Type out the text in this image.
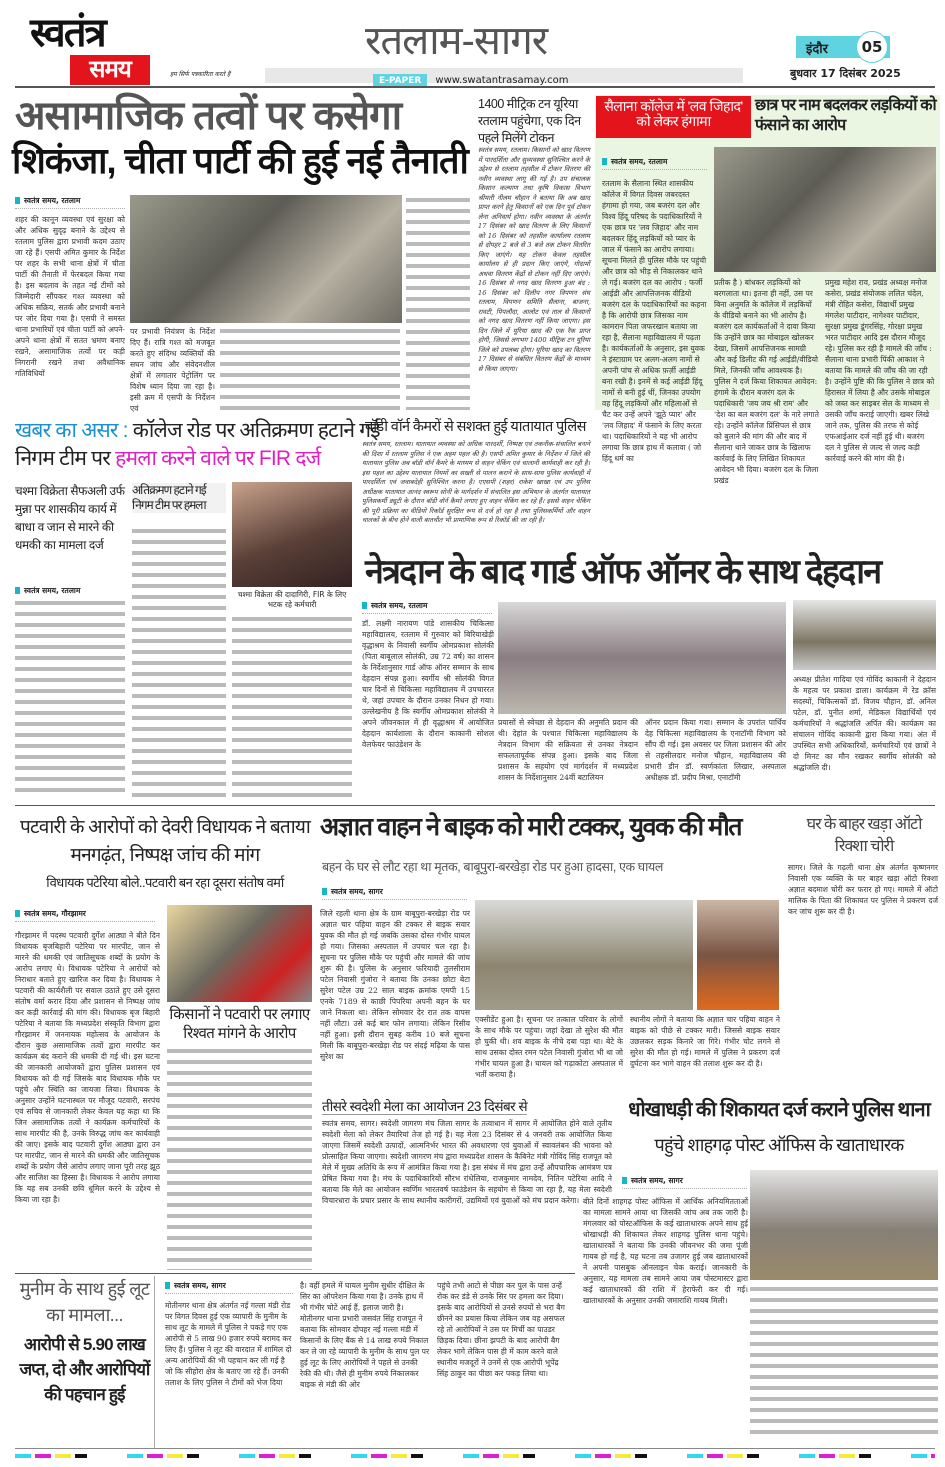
स्वतंत्र
समय	हम सिर्फ पत्रकारिता करते हैं
रतलाम-सागर
E-PAPER www.swatantrasamay.com
इंदौर	05
बुधवार 17 दिसंबर 2025
असामाजिक तत्वों पर कसेगा
शिकंजा, चीता पार्टी की हुई नई तैनाती
स्वतंत्र समय, रतलाम
शहर की कानून व्यवस्था एवं सुरक्षा को और अधिक सुदृढ़ बनाने के उद्देश्य से रतलाम पुलिस द्वारा प्रभावी कदम उठाए जा रहे हैं। एसपी अमित कुमार के निर्देश पर शहर के सभी थाना क्षेत्रों में चीता पार्टी की तैनाती में फेरबदल किया गया है। इस बदलाव के तहत नई टीमों को जिम्मेदारी सौंपकर गश्त व्यवस्था को अधिक सक्रिय, सतर्क और प्रभावी बनाने पर जोर दिया गया है। एसपी ने समस्त थाना प्रभारियों एवं चीता पार्टी को अपने-अपने थाना क्षेत्रों में सतत भ्रमण बनाए रखने, असामाजिक तत्वों पर कड़ी निगरानी रखने तथा अवैधानिक गतिविधियों
पर प्रभावी नियंत्रण के निर्देश दिए हैं। रात्रि गश्त को मजबूत करते हुए संदिग्ध व्यक्तियों की सघन जांच और संवेदनशील क्षेत्रों में लगातार पेट्रोलिंग पर विशेष ध्यान दिया जा रहा है। इसी क्रम में एसपी के निर्देशन एवं
1400 मीट्रिक टन यूरिया रतलाम पहुंचेगा, एक दिन पहले मिलेंगे टोकन
स्वतंत्र समय, रतलाम। किसानों को खाद वितरण में पारदर्शिता और सुव्यवस्था सुनिश्चित करने के उद्देश्य से रतलाम तहसील में टोकन वितरण की नवीन व्यवस्था लागू की गई है। उप संचालक किसान कल्याण तथा कृषि विकास विभाग श्रीमती नीलम चौहान ने बताया कि अब खाद प्राप्त करने हेतु किसानों को एक दिन पूर्व टोकन लेना अनिवार्य होगा। नवीन व्यवस्था के अंतर्गत 17 दिसंबर को खाद वितरण के लिए किसानों को 16 दिसंबर को तहसील कार्यालय रतलाम से दोपहर 2 बजे से 3 बजे तक टोकन वितरित किए जाएंगे। यह टोकन केवल तहसील कार्यालय से ही प्रदान किए जाएंगे, गोदामों अथवा वितरण केंद्रों से टोकन नहीं दिए जाएंगे। 16 दिसंबर से नगद खाद वितरण हुआ बंद : 16 दिसंबर को दिलीप नगर विपणन संघ रतलाम, विपणन समिति सैलाना, बाजना, रावटी, पिपलौदा, आलोट एवं ताल से किसानों को नगद खाद वितरण नहीं किया जाएगा। इस दिन जिले में यूरिया खाद की एक रैक प्राप्त होगी, जिससे लगभग 1400 मीट्रिक टन यूरिया जिले को उपलब्ध होगा। यूरिया खाद का वितरण 17 दिसंबर से संबंधित वितरण केंद्रों के माध्यम से किया जाएगा।
सैलाना कॉलेज में 'लव जिहाद' को लेकर हंगामा
छात्र पर नाम बदलकर लड़कियों को फंसाने का आरोप
स्वतंत्र समय, रतलाम
रतलाम के सैलाना स्थित शासकीय कॉलेज में विगत दिवस जबरदस्त हंगामा हो गया, जब बजरंग दल और विश्व हिंदू परिषद के पदाधिकारियों ने एक छात्र पर 'लव जिहाद' और नाम बदलकर हिंदू लड़कियों को प्यार के जाल में फंसाने का आरोप लगाया। सूचना मिलते ही पुलिस मौके पर पहुंची और छात्र को भीड़ से निकालकर थाने ले गई। बजरंग दल का आरोप : फर्जी आईडी और आपत्तिजनक वीडियो बजरंग दल के पदाधिकारियों का कहना है कि आरोपी छात्र जिसका नाम कामरान पिता जफरखान बताया जा रहा है, सैलाना महाविद्यालय में पढ़ता है। कार्यकर्ताओं के अनुसार, इस युवक ने इंस्टाग्राम पर अलग-अलग नामों से अपनी पांच से अधिक फ़र्ज़ी आईडी बना रखी है। इनमें से कई आईडी हिंदू नामों से बनी हुई थीं, जिनका उपयोग वह हिंदू लड़कियों और महिलाओं से चैट कर उन्हें अपने 'झूठे प्यार' और 'लव जिहाद' में फंसाने के लिए करता था। पदाधिकारियों ने यह भी आरोप लगाया कि छात्र हाथ में कलावा ( जो हिंदू धर्म का
प्रतीक है ) बांधकर लड़कियों को बरगलाता था। इतना ही नहीं, उस पर बिना अनुमति के कॉलेज में लड़कियों के वीडियो बनाने का भी आरोप है। बजरंग दल कार्यकर्ताओं ने दावा किया कि उन्होंने छात्र का मोबाइल खोलकर देखा, जिसमें आपत्तिजनक सामग्री और कई डिलीट की गई आईडी/वीडियो मिले, जिनकी जाँच आवश्यक है। पुलिस ने दर्ज किया शिकायत आवेदन: हंगामे के दौरान बजरंग दल के पदाधिकारी 'जय जय श्री राम' और 'देश का बल बजरंग दल' के नारे लगाते रहे। उन्होंने कॉलेज प्रिंसिपल से छात्र को बुलाने की मांग की और बाद में सैलाना थाने जाकर छात्र के खिलाफ कार्रवाई के लिए लिखित शिकायत आवेदन भी दिया। बजरंग दल के जिला प्रखंड
प्रमुख महेश राव, प्रखंड अध्यक्ष मनोज कसेरा, प्रखंड संयोजक ललित चंदेल, मंत्री रोहित कसेरा, विद्यार्थी प्रमुख मंगलेश पाटीदार, नागेश्वर पाटीदार, सुरक्षा प्रमुख डूंगरसिंह, गोरक्षा प्रमुख भरत पाटीदार आदि इस दौरान मौजूद रहे। पुलिस कर रही है मामले की जाँच : सैलाना थाना प्रभारी पिंकी आकाश ने बताया कि मामले की जाँच की जा रही है। उन्होंने पुष्टि की कि पुलिस ने छात्र को हिरासत में लिया है और उसके मोबाइल को जब्त कर साइबर सेल के माध्यम से उसकी जाँच कराई जाएगी। खबर लिखे जाने तक, पुलिस की तरफ से कोई एफआईआर दर्ज नहीं हुई थी। बजरंग दल ने पुलिस से जल्द से जल्द कड़ी कार्रवाई करने की मांग की है।
खबर का असर : कॉलेज रोड पर अतिक्रमण हटाने गई
निगम टीम पर हमला करने वाले पर FIR दर्ज
चश्मा विक्रेता सैफअली उर्फ मुन्ना पर शासकीय कार्य में बाधा व जान से मारने की धमकी का मामला दर्ज
अतिक्रमण हटाने गई निगम टीम पर हमला
चश्मा विक्रेता की दादागिरी, FIR के लिए भटक रहे कर्मचारी
स्वतंत्र समय, रतलाम
बॉडी वॉर्न कैमरों से सशक्त हुई यातायात पुलिस
स्वतंत्र समय, रतलाम। यातायात व्यवस्था को अधिक पारदर्शी, निष्पक्ष एवं तकनीक-संचालित बनाने की दिशा में रतलाम पुलिस ने एक अहम पहल की है। एसपी अमित कुमार के निर्देशन में जिले की यातायात पुलिस अब बॉडी वॉर्न कैमरे के माध्यम से वाहन चेकिंग एवं चालानी कार्यवाही कर रही है। इस पहल का उद्देश्य यातायात नियमों का सख्ती से पालन कराने के साथ-साथ पुलिस कार्यवाही में पारदर्शिता एवं जवाबदेही सुनिश्चित करना है। एएसपी (शहर) राकेश खाखा एवं उप पुलिस अधीक्षक यातायात आनंद स्वरूप सोनी के मार्गदर्शन में संचालित इस अभियान के अंतर्गत यातायात पुलिसकर्मी ड्यूटी के दौरान बॉडी वॉर्न कैमरे लगाए हुए वाहन चेकिंग कर रहे हैं। इससे वाहन चेकिंग की पूरी प्रक्रिया का वीडियो रिकॉर्ड सुरक्षित रूप से दर्ज हो रहा है तथा पुलिसकर्मियों और वाहन चालकों के बीच होने वाली बातचीत भी प्रामाणिक रूप से रिकॉर्ड की जा रही है।
नेत्रदान के बाद गार्ड ऑफ ऑनर के साथ देहदान
स्वतंत्र समय, रतलाम
डॉ. लक्ष्मी नारायण पांडे शासकीय चिकित्सा महाविद्यालय, रतलाम में गुरुवार को बिरियाखेड़ी वृद्धाश्रम के निवासी स्वर्गीय ओमप्रकाश सोलंकी (पिता बाबूलाल सोलंकी, उम्र 72 वर्ष) का शासन के निर्देशानुसार गार्ड ऑफ ऑनर सम्मान के साथ देहदान संपन्न हुआ। स्वर्गीय श्री सोलंकी विगत चार दिनों से चिकित्सा महाविद्यालय में उपचाररत थे, जहां उपचार के दौरान उनका निधन हो गया। उल्लेखनीय है कि स्वर्गीय ओमप्रकाश सोलंकी ने अपने जीवनकाल में ही वृद्धाश्रम में आयोजित देहदान कार्यशाला के दौरान काकानी सोशल वेलफेयर फाउंडेशन के
प्रयासों से स्वेच्छा से देहदान की अनुमति प्रदान की थी। देहांत के पश्चात चिकित्सा महाविद्यालय के नेत्रदान विभाग की सक्रियता से उनका नेत्रदान सफलतापूर्वक संपन्न हुआ। इसके बाद जिला प्रशासन के सहयोग एवं मार्गदर्शन में मध्यप्रदेश शासन के निर्देशानुसार 24वीं बटालियन
ऑनर प्रदान किया गया। सम्मान के उपरांत पार्थिव देह चिकित्सा महाविद्यालय के एनाटॉमी विभाग को सौंप दी गई। इस अवसर पर जिला प्रशासन की ओर से तहसीलदार मनोज चौहान, महाविद्यालय की प्रभारी डीन डॉ. स्वर्णकांता लिखार, अस्पताल अधीक्षक डॉ. प्रदीप मिश्रा, एनाटॉमी
अध्यक्ष प्रीतेश गादिया एवं गोविंद काकानी ने देहदान के महत्व पर प्रकाश डाला। कार्यक्रम में रेड क्रॉस सदस्यों, चिकित्सकों डॉ. विजय चौहान, डॉ. अनिल पटेल, डॉ. पुनीत शर्मा, मेडिकल विद्यार्थियों एवं कर्मचारियों ने श्रद्धांजलि अर्पित की। कार्यक्रम का संचालन गोविंद काकानी द्वारा किया गया। अंत में उपस्थित सभी अधिकारियों, कर्मचारियों एवं छात्रों ने दो मिनट का मौन रखकर स्वर्गीय सोलंकी को श्रद्धांजलि दी।
पटवारी के आरोपों को देवरी विधायक ने बताया मनगढ़ंत, निष्पक्ष जांच की मांग
विधायक पटेरिया बोले..पटवारी बन रहा दूसरा संतोष वर्मा
स्वतंत्र समय, गौरझामर
गौरझामर में पदस्थ पटवारी दुर्गेश आठ्या ने बीते दिन विधायक बृजबिहारी पटेरिया पर मारपीट, जान से मारने की धमकी एवं जातिसूचक शब्दों के प्रयोग के आरोप लगाए थे। विधायक पटेरिया ने आरोपों को निराधार बताते हुए खारिज कर दिया है। विधायक ने पटवारी की कार्यशैली पर सवाल उठाते हुए उसे दूसरा संतोष वर्मा करार दिया और प्रशासन से निष्पक्ष जांच कर कड़ी कार्रवाई की मांग की। विधायक बृज बिहारी पटेरिया ने बताया कि मध्यप्रदेश संस्कृति विभाग द्वारा गौरझामर में जननायक महोत्सव के आयोजन के दौरान कुछ असामाजिक तत्वों द्वारा मारपीट कर कार्यक्रम बंद कराने की धमकी दी गई थी। इस घटना की जानकारी आयोजकों द्वारा पुलिस प्रशासन एवं विधायक को दी गई जिसके बाद विधायक मौके पर पहुंचे और स्थिति का जायजा लिया। विधायक के अनुसार उन्होंने घटनास्थल पर मौजूद पटवारी, सरपंच एवं सचिव से जानकारी लेकर केवल यह कहा था कि जिन असामाजिक तत्वों ने कार्यक्रम कर्मचारियों के साथ मारपीट की है, उनके विरुद्ध जांच कर कार्यवाही की जाए। इसके बाद पटवारी दुर्गेश आठ्या द्वारा उन पर मारपीट, जान से मारने की धमकी और जातिसूचक शब्दों के प्रयोग जैसे आरोप लगाए जाना पूरी तरह झूठ और साजिश का हिस्सा है। विधायक ने आरोप लगाया कि यह सब उनकी छवि धूमिल करने के उद्देश्य से किया जा रहा है।
किसानों ने पटवारी पर लगाए रिश्वत मांगने के आरोप
अज्ञात वाहन ने बाइक को मारी टक्कर, युवक की मौत
बहन के घर से लौट रहा था मृतक, बाबूपुरा-बरखेड़ा रोड पर हुआ हादसा, एक घायल
स्वतंत्र समय, सागर
जिले रहली थाना क्षेत्र के ग्राम बाबूपुरा-बरखेड़ा रोड पर अज्ञात चार पहिया वाहन की टक्कर से बाइक सवार युवक की मौत हो गई जबकि उसका दोस्त गंभीर घायल हो गया। जिसका अस्पताल में उपचार चल रहा है। सूचना पर पुलिस मौके पर पहुंची और मामले की जांच शुरू की है। पुलिस के अनुसार फरियादी तुलसीराम पटेल निवासी गुंजोरा ने बताया कि उनका छोटा बेटा सुरेश पटेल उम्र 22 साल बाइक क्रमांक एमपी 15 एनके 7189 से काछी पिपरिया अपनी बहन के घर जाने निकला था। लेकिन सोमवार देर रात तक वापस नहीं लौटा। उसे कई बार फोन लगाया। लेकिन रिसीव नहीं हुआ। इसी दौरान सुबह करीब 10 बजे सूचना मिली कि बाबूपुरा-बरखेड़ा रोड पर संदई मढ़िया के पास सुरेश का
एक्सीडेंट हुआ है। सूचना पर तत्काल परिवार के लोगों के साथ मौके पर पहुंचा। जहां देखा तो सुरेश की मौत हो चुकी थी। शव बाइक के नीचे दबा पड़ा था। बेटे के साथ उसका दोस्त रमन पटेल निवासी गुंजोरा भी था जो गंभीर घायल हुआ है। घायल को गढ़ाकोटा अस्पताल में भर्ती कराया है।
स्थानीय लोगों ने बताया कि अज्ञात चार पहिया वाहन ने बाइक को पीछे से टक्कर मारी। जिससे बाइक सवार उछलकर सड़क किनारे जा गिरे। गंभीर चोट लगने से सुरेश की मौत हो गई। मामले में पुलिस ने प्रकरण दर्ज दुर्घटना कर भागे वाहन की तलाश शुरू कर दी है।
घर के बाहर खड़ा ऑटो रिक्शा चोरी
सागर। जिले के गढ़ली थाना क्षेत्र अंतर्गत कृष्णनगर निवासी एक व्यक्ति के घर बाहर खड़ा ऑटो रिक्शा अज्ञात बदमाश चोरी कर फरार हो गए। मामले में ऑटो मालिक के पिता की शिकायत पर पुलिस ने प्रकरण दर्ज कर जांच शुरू कर दी है।
तीसरे स्वदेशी मेला का आयोजन 23 दिसंबर से
स्वतंत्र समय, सागर। स्वदेशी जागरण मंच जिला सागर के तत्वाधान में सागर में आयोजित होने वाले तृतीय स्वदेशी मेला को लेकर तैयारियां तेज हो गई है। यह मेला 23 दिसंबर से 4 जनवरी तक आयोजित किया जाएगा जिसमें स्वदेशी उत्पादों, आत्मनिर्भर भारत की अवधारणा एवं युवाओं में स्वावलंबन की भावना को प्रोत्साहित किया जाएगा। स्वदेशी जागरण मंच द्वारा मध्यप्रदेश शासन के कैबिनेट मंत्री गोविंद सिंह राजपूत को मेले में मुख्य अतिथि के रूप में आमंत्रित किया गया है। इस संबंध में मंच द्वारा उन्हें औपचारिक आमंत्रण पत्र प्रेषित किया गया है। मंच के पदाधिकारियों सौरभ रांधेलिया, राजकुमार नामदेव, नितिन पटेरिया आदि ने बताया कि मेले का आयोजन स्वर्णिम भारतवर्ष फाउंडेशन के सहयोग से किया जा रहा है, यह मेला स्वदेशी विचारधारा के प्रचार प्रसार के साथ स्थानीय कारीगरों, उद्यमियों एवं युवाओं को मंच प्रदान करेगा।
धोखाधड़ी की शिकायत दर्ज कराने पुलिस थाना
पहुंचे शाहगढ़ पोस्ट ऑफिस के खाताधारक
स्वतंत्र समय, सागर
बीते दिनों शाहगढ़ पोस्ट ऑफिस में आर्थिक अनियमितताओं का मामला सामने आया था जिसकी जांच अब तक जारी है। मंगलवार को पोस्टऑफिस के कई खाताधारक अपने साथ हुई धोखाधड़ी की शिकायत लेकर शाहगढ़ पुलिस थाना पहुंचे। खाताधारकों ने बताया कि उनकी जीवनभर की जमा पूंजी गायब हो गई है, यह घटना तब उजागर हुई जब खाताधारकों ने अपनी पासबुक ऑनलाइन चेक कराई। जानकारी के अनुसार, यह मामला तब सामने आया जब पोस्टमास्टर द्वारा कई खाताधारकों की राशि में हेराफेरी कर दी गई। खाताधारकों के अनुसार उनकी जमाराशि गायब मिली।
मुनीम के साथ हुई लूट का मामला...
आरोपी से 5.90 लाख जप्त, दो और आरोपियों की पहचान हुई
स्वतंत्र समय, सागर
मोतीनगर थाना क्षेत्र अंतर्गत नई गल्ला मंडी रोड पर विगत दिवस हुई एक व्यापारी के मुनीम के साथ लूट के मामले में पुलिस ने पकड़े गए एक आरोपी से 5 लाख 90 हजार रुपये बरामद कर लिए हैं। पुलिस ने लूट की वारदात में शामिल दो अन्य आरोपियों की भी पहचान कर ली गई है जो कि सीहोरा क्षेत्र के बताए जा रहे हैं। उनकी तलाश के लिए पुलिस ने टीमों को भेज दिया
है। वहीं हमले में घायल मुनीम सुधीर दीक्षित के सिर का ऑपरेशन किया गया है। उनके हाथ में भी गंभीर चोटें आई हैं, इलाज जारी है। मोतीनगर थाना प्रभारी जसवंत सिंह राजपूत ने बताया कि सोमवार दोपहर नई गल्ला मंडी में किसानों के लिए बैंक से 14 लाख रुपये निकाल कर ले जा रहे व्यापारी के मुनीम के साथ पुल पर हुई लूट के लिए आरोपियों ने पहले से उनकी रेकी की थी। जैसे ही मुनीम रुपये निकालकर बाइक से मंडी की ओर
पहुंचे तभी आटो से पीछा कर पुल के पास उन्हें रोक कर डंडे से उनके सिर पर हमला कर दिया। इसके बाद आरोपियों से उनसे रुपयों से भरा बैग छीनने का प्रयास किया लेकिन जब वह असफल रहे तो आरोपियों ने उस पर मिर्ची का पाउडर छिड़क दिया। छीना झपटी के बाद आरोपी बैग लेकर भागे लेकिन पास ही में काम करने वाले स्थानीय मजदूरों ने उनमें से एक आरोपी भूपेंद्र सिंह ठाकुर का पीछा कर पकड़ लिया था।
